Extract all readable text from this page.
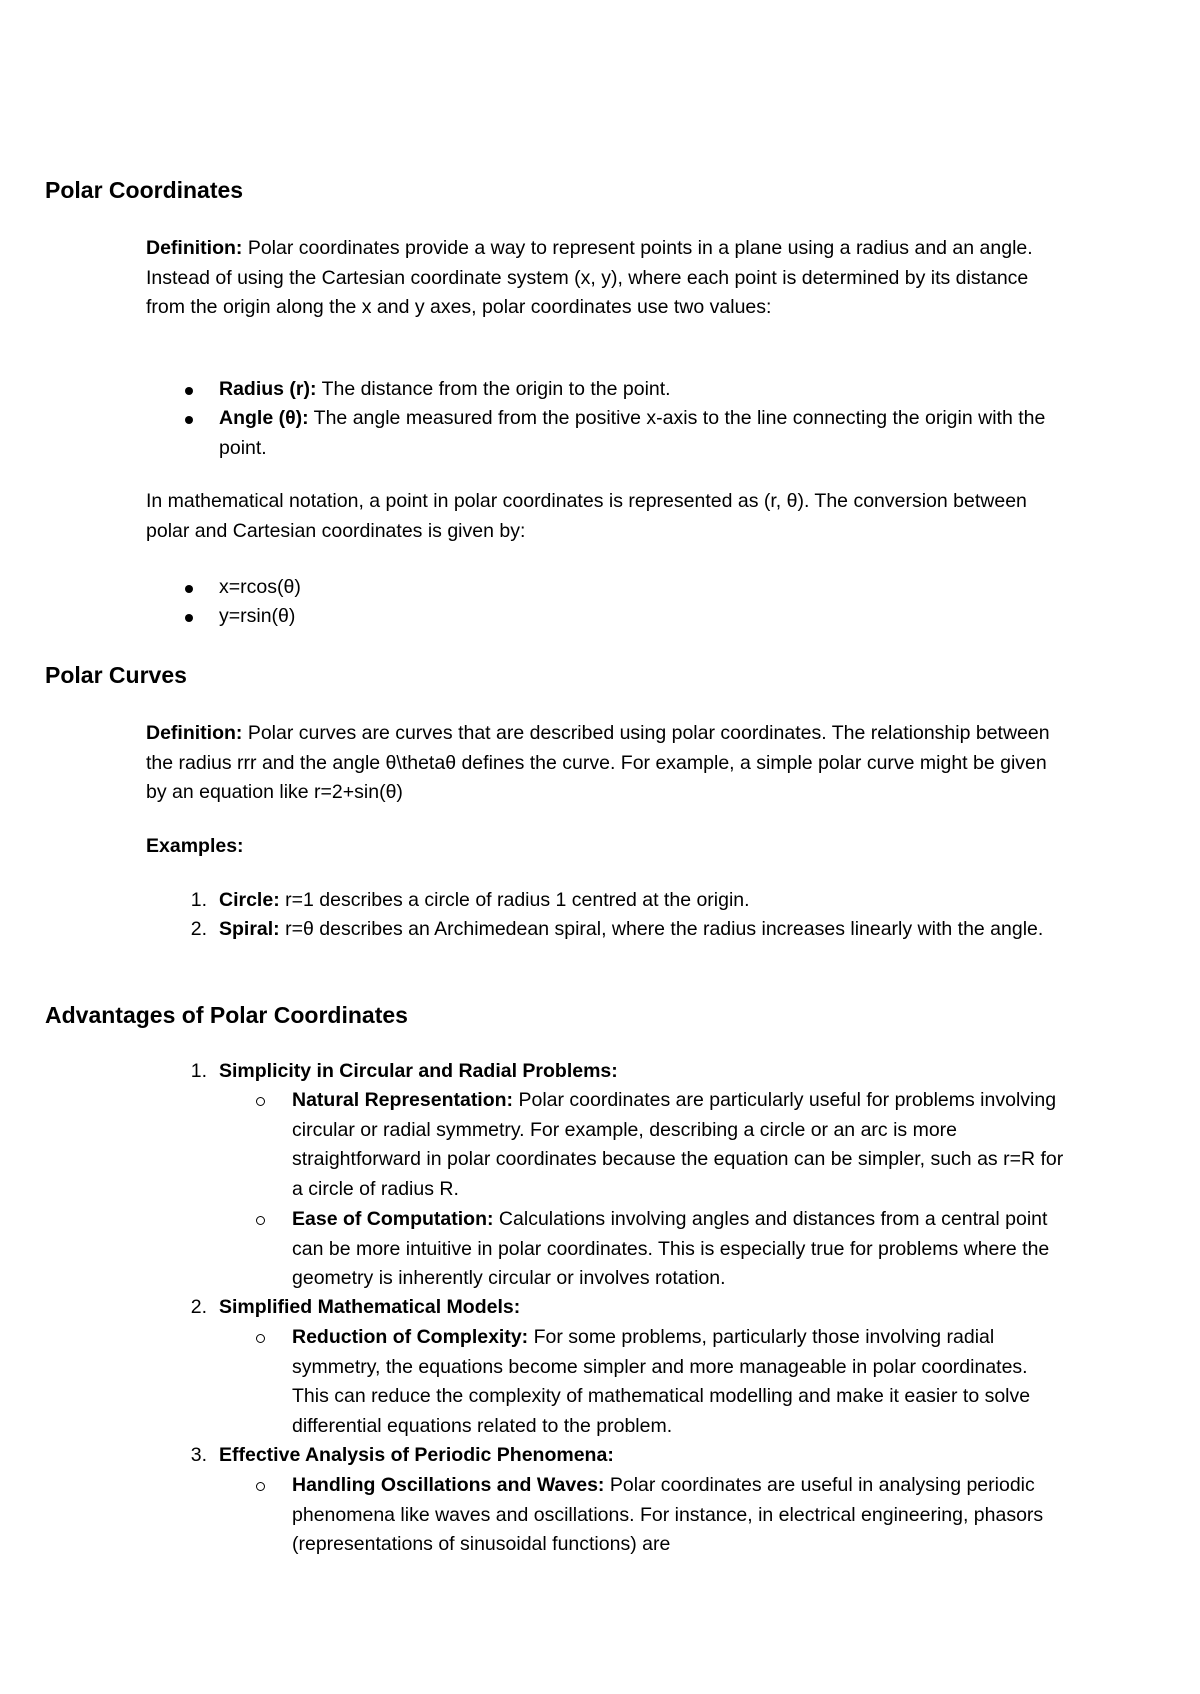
Polar Coordinates

Definition: Polar coordinates provide a way to represent points in a plane using a radius and an angle. Instead of using the Cartesian coordinate system (x, y), where each point is determined by its distance from the origin along the x and y axes, polar coordinates use two values:

Radius (r): The distance from the origin to the point.
Angle (θ): The angle measured from the positive x-axis to the line connecting the origin with the point.

In mathematical notation, a point in polar coordinates is represented as (r, θ). The conversion between polar and Cartesian coordinates is given by:

x=rcos(θ)
y=rsin(θ)
Polar Curves

Definition: Polar curves are curves that are described using polar coordinates. The relationship between the radius rrr and the angle θ\thetaθ defines the curve. For example, a simple polar curve might be given by an equation like r=2+sin(θ)

Examples:

1. Circle: r=1 describes a circle of radius 1 centred at the origin.
2. Spiral: r=θ describes an Archimedean spiral, where the radius increases linearly with the angle.
Advantages of Polar Coordinates
1. Simplicity in Circular and Radial Problems:
Natural Representation: Polar coordinates are particularly useful for problems involving circular or radial symmetry. For example, describing a circle or an arc is more straightforward in polar coordinates because the equation can be simpler, such as r=R for a circle of radius R.
Ease of Computation: Calculations involving angles and distances from a central point can be more intuitive in polar coordinates. This is especially true for problems where the geometry is inherently circular or involves rotation.
2. Simplified Mathematical Models:
Reduction of Complexity: For some problems, particularly those involving radial symmetry, the equations become simpler and more manageable in polar coordinates. This can reduce the complexity of mathematical modelling and make it easier to solve differential equations related to the problem.
3. Effective Analysis of Periodic Phenomena:
Handling Oscillations and Waves: Polar coordinates are useful in analysing periodic phenomena like waves and oscillations. For instance, in electrical engineering, phasors (representations of sinusoidal functions) are
